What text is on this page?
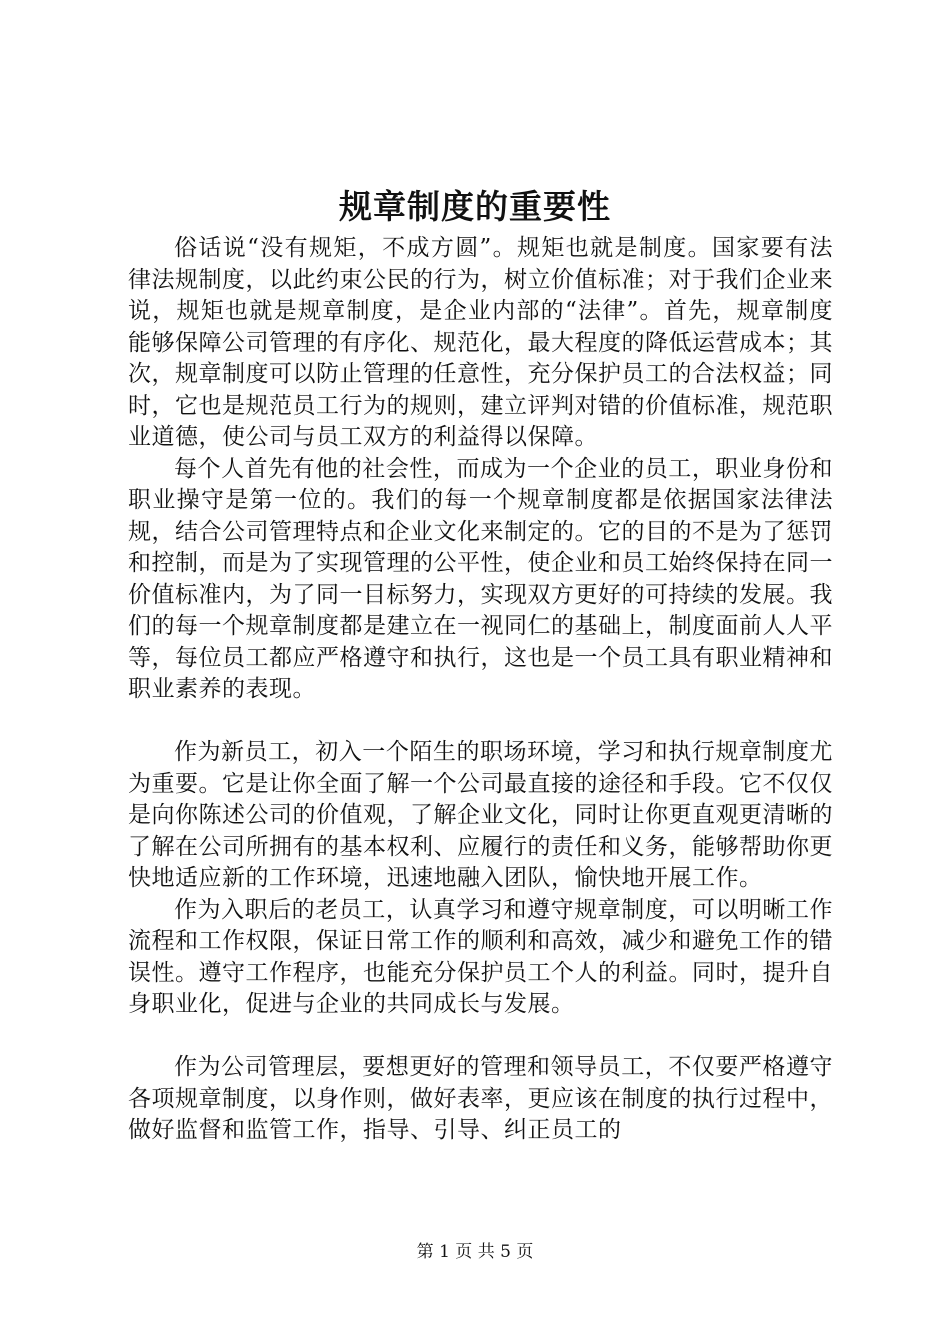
规章制度的重要性

俗话说“没有规矩，不成方圆”。规矩也就是制度。国家要有法律法规制度，以此约束公民的行为，树立价值标准；对于我们企业来说，规矩也就是规章制度，是企业内部的“法律”。首先，规章制度能够保障公司管理的有序化、规范化，最大程度的降低运营成本；其次，规章制度可以防止管理的任意性，充分保护员工的合法权益；同时，它也是规范员工行为的规则，建立评判对错的价值标准，规范职业道德，使公司与员工双方的利益得以保障。

每个人首先有他的社会性，而成为一个企业的员工，职业身份和职业操守是第一位的。我们的每一个规章制度都是依据国家法律法规，结合公司管理特点和企业文化来制定的。它的目的不是为了惩罚和控制，而是为了实现管理的公平性，使企业和员工始终保持在同一价值标准内，为了同一目标努力，实现双方更好的可持续的发展。我们的每一个规章制度都是建立在一视同仁的基础上，制度面前人人平等，每位员工都应严格遵守和执行，这也是一个员工具有职业精神和职业素养的表现。

作为新员工，初入一个陌生的职场环境，学习和执行规章制度尤为重要。它是让你全面了解一个公司最直接的途径和手段。它不仅仅是向你陈述公司的价值观，了解企业文化，同时让你更直观更清晰的了解在公司所拥有的基本权利、应履行的责任和义务，能够帮助你更快地适应新的工作环境，迅速地融入团队，愉快地开展工作。

作为入职后的老员工，认真学习和遵守规章制度，可以明晰工作流程和工作权限，保证日常工作的顺利和高效，减少和避免工作的错误性。遵守工作程序，也能充分保护员工个人的利益。同时，提升自身职业化，促进与企业的共同成长与发展。

作为公司管理层，要想更好的管理和领导员工，不仅要严格遵守各项规章制度，以身作则，做好表率，更应该在制度的执行过程中，做好监督和监管工作，指导、引导、纠正员工的

第 1 页 共 5 页
